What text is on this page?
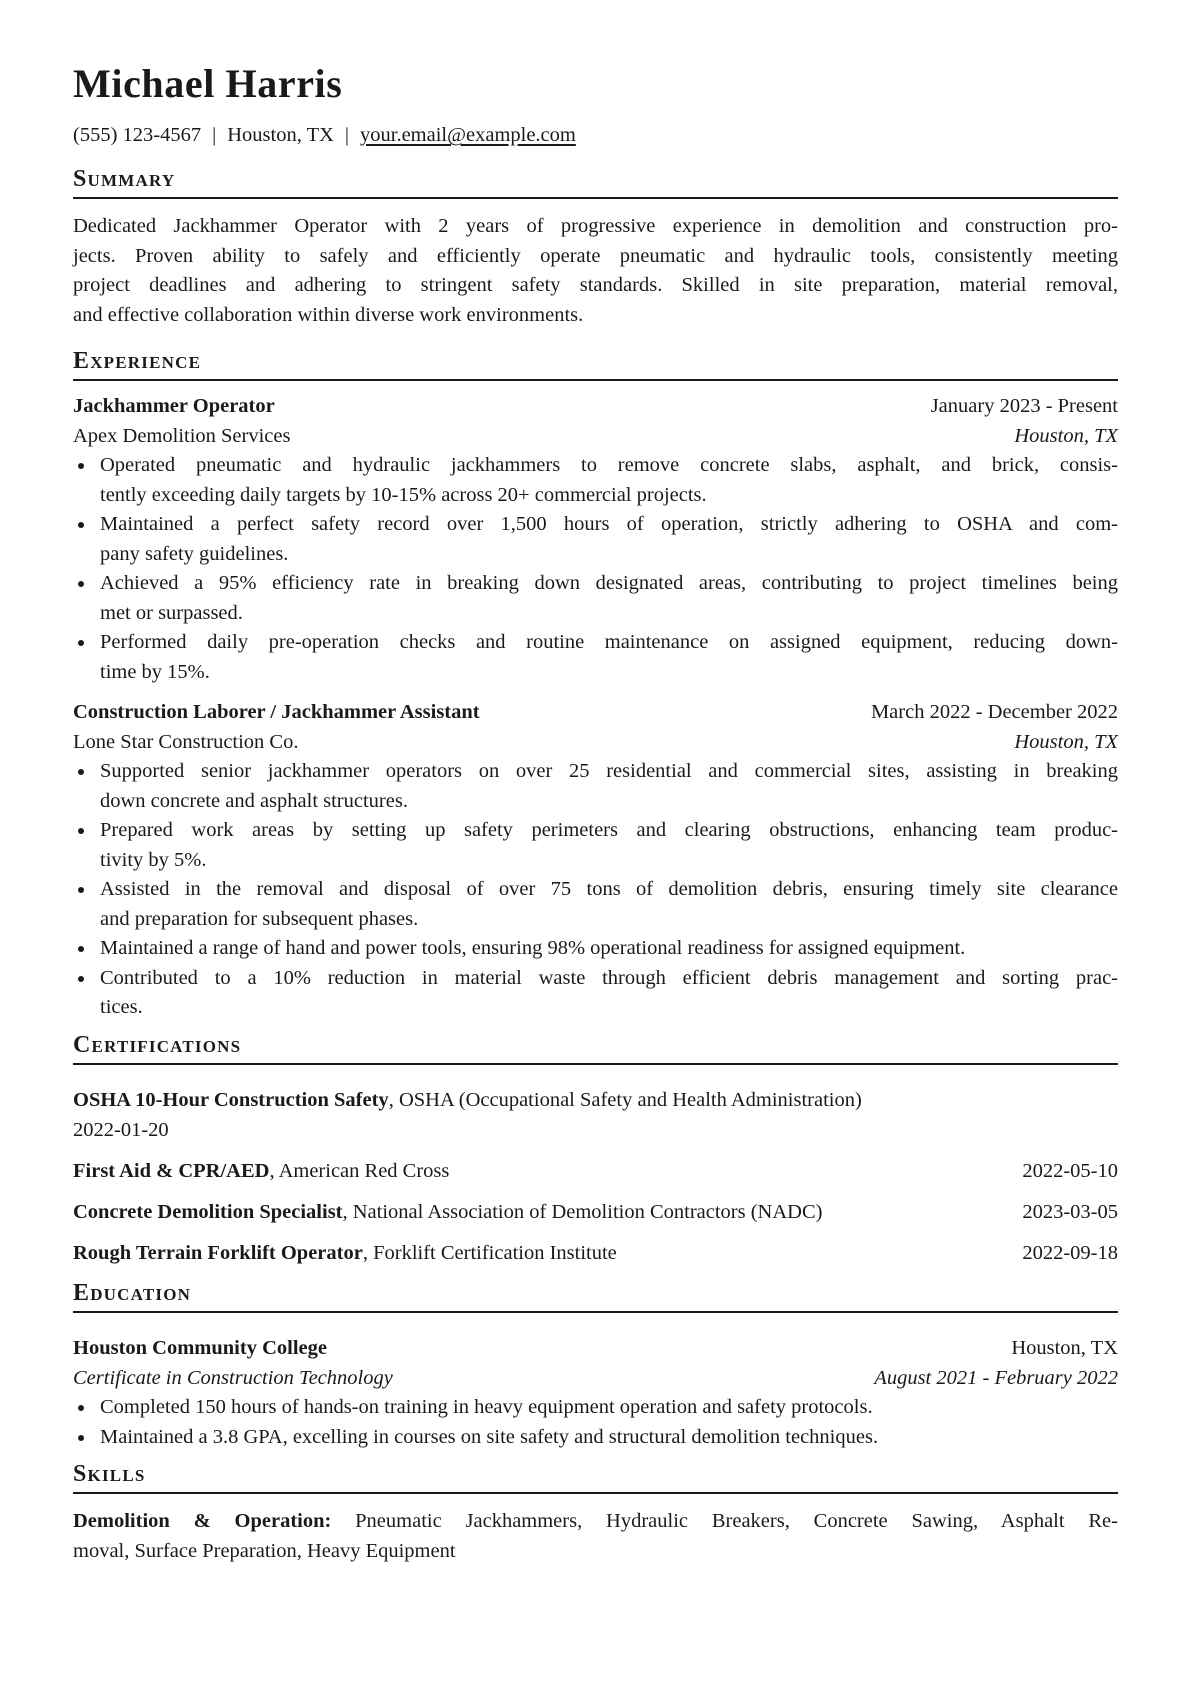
Michael Harris
(555) 123-4567 | Houston, TX | your.email@example.com
Summary
Dedicated Jackhammer Operator with 2 years of progressive experience in demolition and construction pro-
jects. Proven ability to safely and efficiently operate pneumatic and hydraulic tools, consistently meeting
project deadlines and adhering to stringent safety standards. Skilled in site preparation, material removal,
and effective collaboration within diverse work environments.
Experience
Jackhammer Operator	January 2023 - Present
Apex Demolition Services	Houston, TX
Operated pneumatic and hydraulic jackhammers to remove concrete slabs, asphalt, and brick, consis-
tently exceeding daily targets by 10-15% across 20+ commercial projects.
Maintained a perfect safety record over 1,500 hours of operation, strictly adhering to OSHA and com-
pany safety guidelines.
Achieved a 95% efficiency rate in breaking down designated areas, contributing to project timelines being
met or surpassed.
Performed daily pre-operation checks and routine maintenance on assigned equipment, reducing down-
time by 15%.
Construction Laborer / Jackhammer Assistant	March 2022 - December 2022
Lone Star Construction Co.	Houston, TX
Supported senior jackhammer operators on over 25 residential and commercial sites, assisting in breaking
down concrete and asphalt structures.
Prepared work areas by setting up safety perimeters and clearing obstructions, enhancing team produc-
tivity by 5%.
Assisted in the removal and disposal of over 75 tons of demolition debris, ensuring timely site clearance
and preparation for subsequent phases.
Maintained a range of hand and power tools, ensuring 98% operational readiness for assigned equipment.
Contributed to a 10% reduction in material waste through efficient debris management and sorting prac-
tices.
Certifications
OSHA 10-Hour Construction Safety, OSHA (Occupational Safety and Health Administration)
2022-01-20
First Aid & CPR/AED, American Red Cross	2022-05-10
Concrete Demolition Specialist, National Association of Demolition Contractors (NADC)	2023-03-05
Rough Terrain Forklift Operator, Forklift Certification Institute	2022-09-18
Education
Houston Community College	Houston, TX
Certificate in Construction Technology	August 2021 - February 2022
Completed 150 hours of hands-on training in heavy equipment operation and safety protocols.
Maintained a 3.8 GPA, excelling in courses on site safety and structural demolition techniques.
Skills
Demolition & Operation: Pneumatic Jackhammers, Hydraulic Breakers, Concrete Sawing, Asphalt Re-
moval, Surface Preparation, Heavy Equipment
